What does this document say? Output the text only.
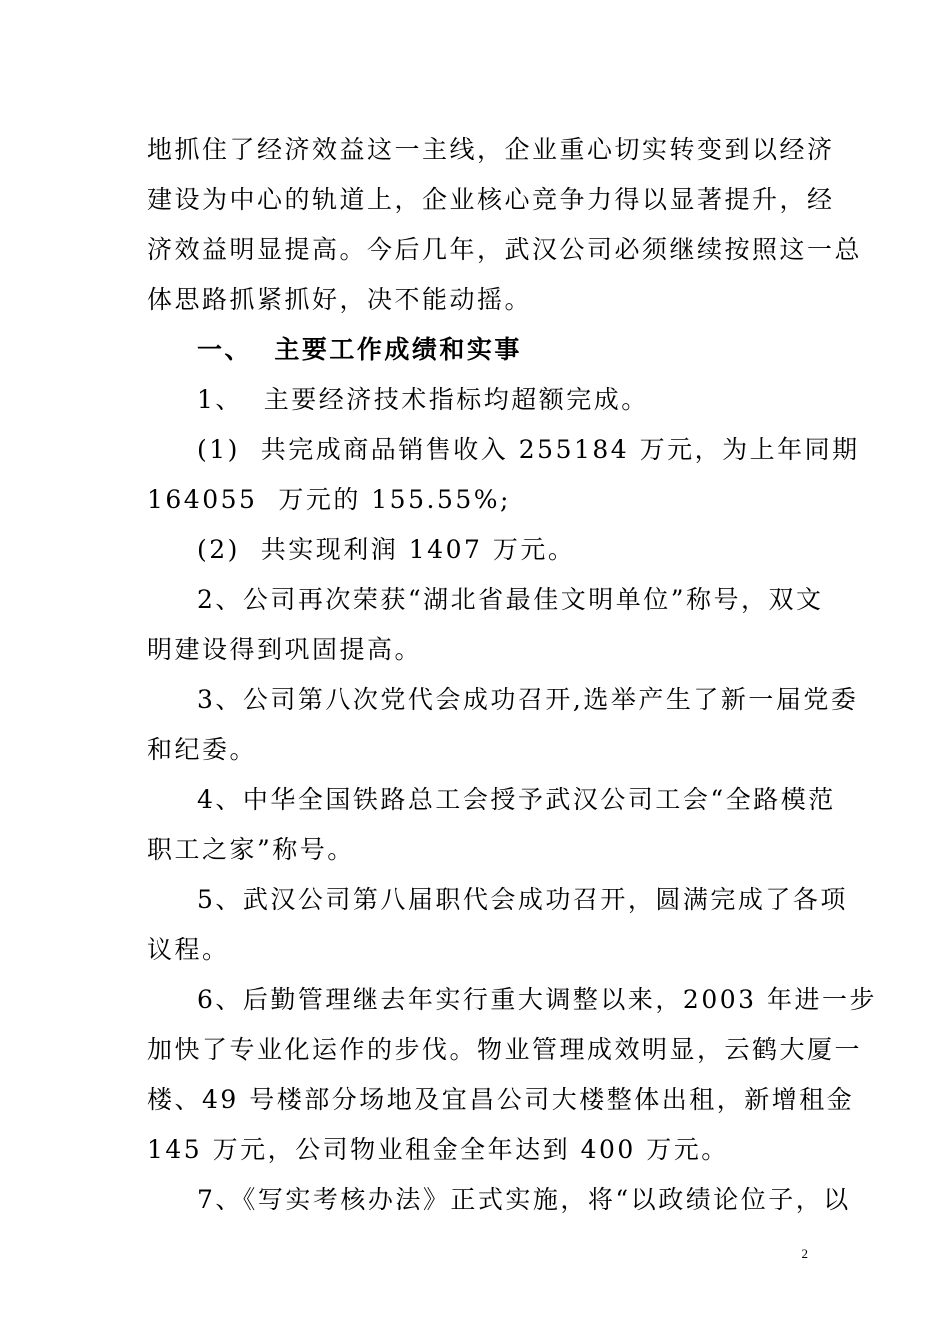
地抓住了经济效益这一主线，企业重心切实转变到以经济
建设为中心的轨道上，企业核心竞争力得以显著提升，经
济效益明显提高。今后几年，武汉公司必须继续按照这一总
体思路抓紧抓好，决不能动摇。
一、  主要工作成绩和实事
1、  主要经济技术指标均超额完成。
(1)  共完成商品销售收入 255184 万元，为上年同期
164055  万元的 155.55%;
(2)  共实现利润 1407 万元。
2、公司再次荣获“湖北省最佳文明单位”称号，双文
明建设得到巩固提高。
3、公司第八次党代会成功召开,选举产生了新一届党委
和纪委。
4、中华全国铁路总工会授予武汉公司工会“全路模范
职工之家”称号。
5、武汉公司第八届职代会成功召开，圆满完成了各项
议程。
6、后勤管理继去年实行重大调整以来，2003 年进一步
加快了专业化运作的步伐。物业管理成效明显，云鹤大厦一
楼、49 号楼部分场地及宜昌公司大楼整体出租，新增租金
145 万元，公司物业租金全年达到 400 万元。
7、《写实考核办法》正式实施，将“以政绩论位子，以
2
